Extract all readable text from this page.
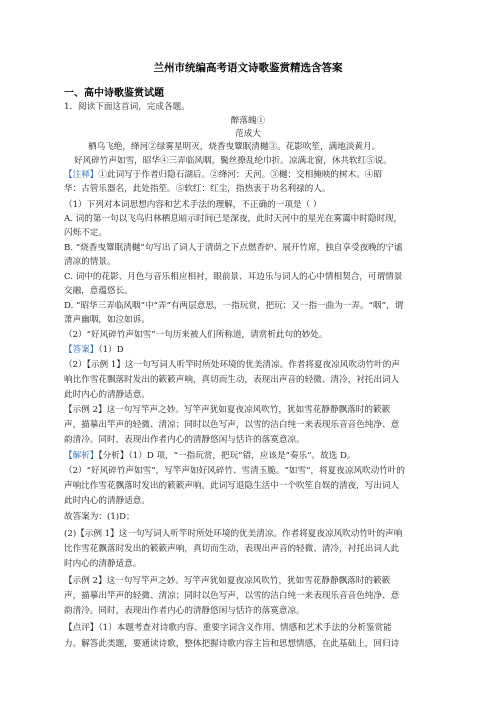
兰州市统编高考语文诗歌鉴赏精选含答案
一、高中诗歌鉴赏试题
1．阅读下面这首词，完成各题。
醉落魄①
范成大
栖乌飞绝，绛河②绿雾星明灭，烧香曳簟眠清樾③。花影吹笙，满地淡黄月。
好风碎竹声如雪，昭华④三弄临风咽。鬓丝撩乱纶巾折。凉满北窗，休共软红⑤说。
【注释】①此词写于作者归隐石湖后。②绛河：天河。③樾：交相掩映的树木。④昭
华：古管乐器名，此处指笙。⑤软红：红尘，指热衷于功名利禄的人。
（1）下列对本词思想内容和艺术手法的理解，不正确的一项是（ ）
A. 词的第一句以飞鸟归林栖息暗示时间已是深夜，此时天河中的星光在雾霭中时隐时现，
闪烁不定。
B. “烧香曳簟眠清樾”句写出了词人于清荫之下点燃香炉、展开竹席，独自享受夜晚的宁谧
清凉的情景。
C. 词中的花影、月色与音乐相应相衬，眼前景、耳边乐与词人的心中情相契合，可谓情景
交融，意蕴悠长。
D. “昭华三弄临风咽”中“弄”有两层意思，一指玩赏，把玩；又一指一曲为一弄。“咽”，谓
萧声幽咽，如泣如诉。
（2）“好风碎竹声如雪”一句历来被人们所称道，请赏析此句的妙处。
【答案】（1）D
（2）【示例 1】这一句写词人听竿时所处环境的优美清凉。作者将夏夜凉风吹动竹叶的声
响比作雪花飘落时发出的簌簌声响，真切而生动，表现出声音的轻微、清冷，衬托出词人
此时内心的清静适意。
【示例 2】这一句写竿声之妙。写竿声犹如夏夜凉风吹竹，犹如雪花静静飘落时的簌簌
声，描摹出竿声的轻微、清凉；同时以色写声，以雪的洁白纯一来表现乐音音色纯净、意
韵清冷。同时，表现出作者内心的清静悠闲与恬许的落寞意凉。
【解析】【分析】（1）D 项，“一指玩赏，把玩”错，应该是“奏乐”。故选 D。
（2）“好风碎竹声如雪”，写竿声如好风碎竹、雪清玉脆。“如雪”，将夏夜凉风吹动竹叶的
声响比作雪花飘落时发出的簌簌声响。此词写退隐生活中一个吹笙自娱的清夜，写出词人
此时内心的清静适意。
故答案为：(1)D；
(2)【示例 1】这一句写词人听竿时所处环境的优美清凉。作者将夏夜凉风吹动竹叶的声响
比作雪花飘落时发出的簌簌声响，真切而生动，表现出声音的轻微、清冷，衬托出词人此
时内心的清静适意。
【示例 2】这一句写竿声之妙。写竿声犹如夏夜凉风吹竹，犹如雪花静静飘落时的簌簌
声，描摹出竿声的轻微、清凉；同时以色写声，以雪的洁白纯一来表现乐音音色纯净、意
韵清冷。同时，表现出作者内心的清静悠闲与恬许的落寞意凉。
【点评】（1）本题考查对诗歌内容、重要字词含义作用、情感和艺术手法的分析鉴赏能
力。解答此类题，要通读诗歌，整体把握诗歌内容主旨和思想情感，在此基础上，回归诗
